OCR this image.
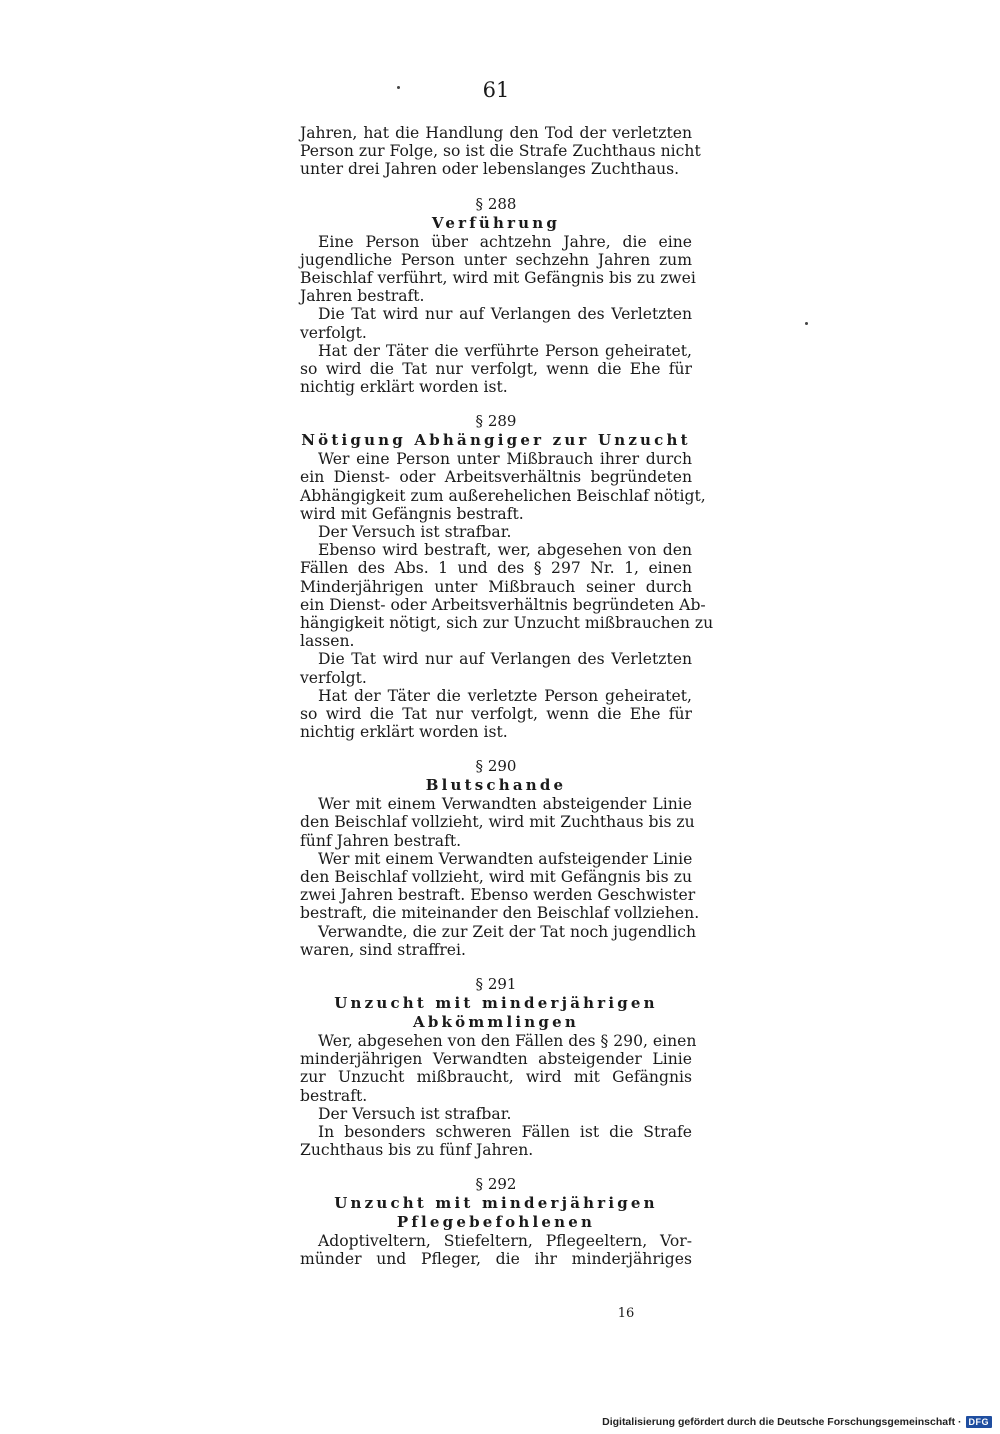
61
Jahren, hat die Handlung den Tod der verletzten
Person zur Folge, so ist die Strafe Zuchthaus nicht
unter drei Jahren oder lebenslanges Zuchthaus.
§ 288
Verführung
Eine Person über achtzehn Jahre, die eine
jugendliche Person unter sechzehn Jahren zum
Beischlaf verführt, wird mit Gefängnis bis zu zwei
Jahren bestraft.
Die Tat wird nur auf Verlangen des Verletzten
verfolgt.
Hat der Täter die verführte Person geheiratet,
so wird die Tat nur verfolgt, wenn die Ehe für
nichtig erklärt worden ist.
§ 289
Nötigung Abhängiger zur Unzucht
Wer eine Person unter Mißbrauch ihrer durch
ein Dienst- oder Arbeitsverhältnis begründeten
Abhängigkeit zum außerehelichen Beischlaf nötigt,
wird mit Gefängnis bestraft.
Der Versuch ist strafbar.
Ebenso wird bestraft, wer, abgesehen von den
Fällen des Abs. 1 und des § 297 Nr. 1, einen
Minderjährigen unter Mißbrauch seiner durch
ein Dienst- oder Arbeitsverhältnis begründeten Ab-
hängigkeit nötigt, sich zur Unzucht mißbrauchen zu
lassen.
Die Tat wird nur auf Verlangen des Verletzten
verfolgt.
Hat der Täter die verletzte Person geheiratet,
so wird die Tat nur verfolgt, wenn die Ehe für
nichtig erklärt worden ist.
§ 290
Blutschande
Wer mit einem Verwandten absteigender Linie
den Beischlaf vollzieht, wird mit Zuchthaus bis zu
fünf Jahren bestraft.
Wer mit einem Verwandten aufsteigender Linie
den Beischlaf vollzieht, wird mit Gefängnis bis zu
zwei Jahren bestraft. Ebenso werden Geschwister
bestraft, die miteinander den Beischlaf vollziehen.
Verwandte, die zur Zeit der Tat noch jugendlich
waren, sind straffrei.
§ 291
Unzucht mit minderjährigen
Abkömmlingen
Wer, abgesehen von den Fällen des § 290, einen
minderjährigen Verwandten absteigender Linie
zur Unzucht mißbraucht, wird mit Gefängnis
bestraft.
Der Versuch ist strafbar.
In besonders schweren Fällen ist die Strafe
Zuchthaus bis zu fünf Jahren.
§ 292
Unzucht mit minderjährigen
Pflegebefohlenen
Adoptiveltern, Stiefeltern, Pflegeeltern, Vor-
münder und Pfleger, die ihr minderjähriges
16
Digitalisierung gefördert durch die Deutsche Forschungsgemeinschaft · DFG
